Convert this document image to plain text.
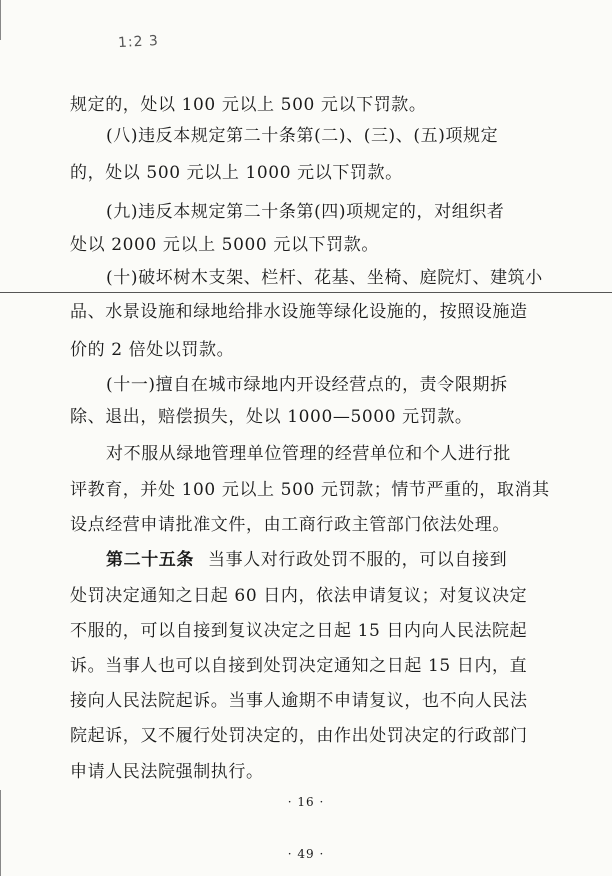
1:2 3
规定的，处以 100 元以上 500 元以下罚款。
(八)违反本规定第二十条第(二)、(三)、(五)项规定
的，处以 500 元以上 1000 元以下罚款。
(九)违反本规定第二十条第(四)项规定的，对组织者
处以 2000 元以上 5000 元以下罚款。
(十)破坏树木支架、栏杆、花基、坐椅、庭院灯、建筑小
品、水景设施和绿地给排水设施等绿化设施的，按照设施造
价的 2 倍处以罚款。
(十一)擅自在城市绿地内开设经营点的，责令限期拆
除、退出，赔偿损失，处以 1000—5000 元罚款。
对不服从绿地管理单位管理的经营单位和个人进行批
评教育，并处 100 元以上 500 元罚款；情节严重的，取消其
设点经营申请批准文件，由工商行政主管部门依法处理。
第二十五条 当事人对行政处罚不服的，可以自接到
处罚决定通知之日起 60 日内，依法申请复议；对复议决定
不服的，可以自接到复议决定之日起 15 日内向人民法院起
诉。当事人也可以自接到处罚决定通知之日起 15 日内，直
接向人民法院起诉。当事人逾期不申请复议，也不向人民法
院起诉，又不履行处罚决定的，由作出处罚决定的行政部门
申请人民法院强制执行。
· 16 ·
· 49 ·
